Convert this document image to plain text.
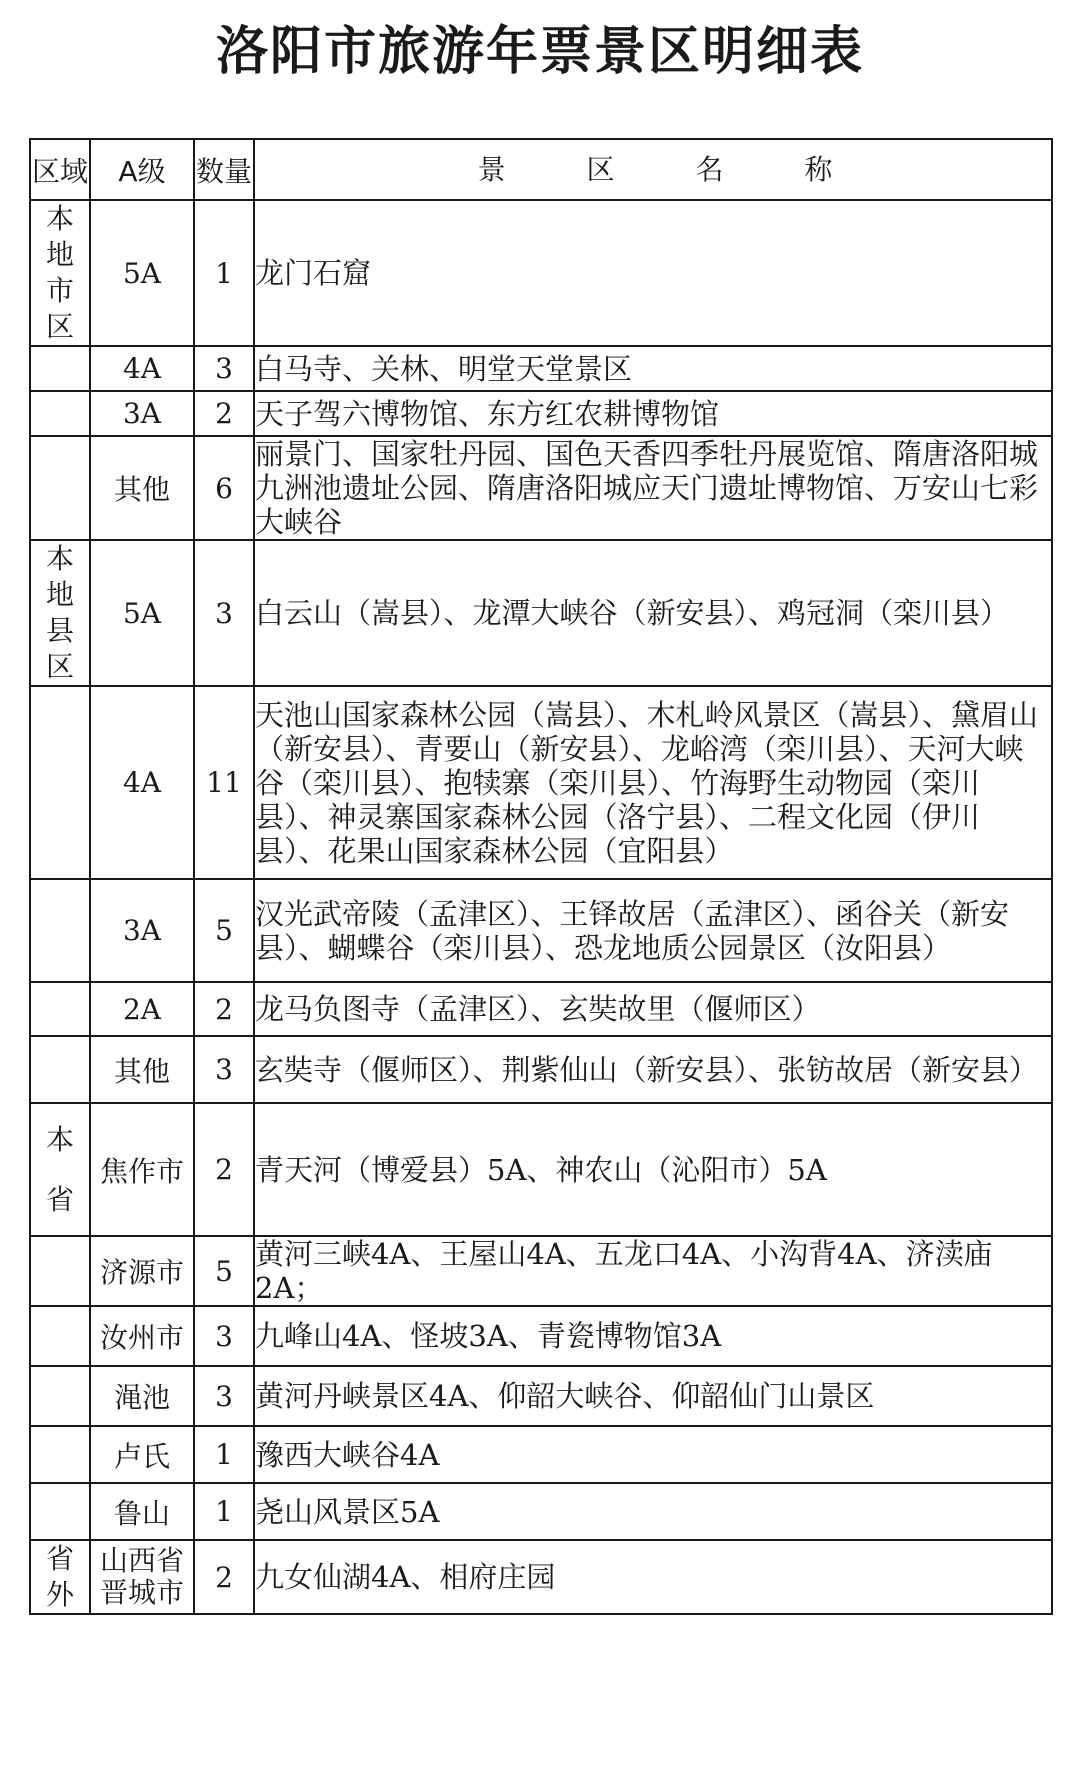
洛阳市旅游年票景区明细表
区域	A级	数量	景 区 名 称
本地市区	5A	1	龙门石窟
	4A	3	白马寺、关林、明堂天堂景区
	3A	2	天子驾六博物馆、东方红农耕博物馆
	其他	6	丽景门、国家牡丹园、国色天香四季牡丹展览馆、隋唐洛阳城九洲池遗址公园、隋唐洛阳城应天门遗址博物馆、万安山七彩大峡谷
本地县区	5A	3	白云山（嵩县）、龙潭大峡谷（新安县）、鸡冠洞（栾川县）
	4A	11	天池山国家森林公园（嵩县）、木札岭风景区（嵩县）、黛眉山（新安县）、青要山（新安县）、龙峪湾（栾川县）、天河大峡谷（栾川县）、抱犊寨（栾川县）、竹海野生动物园（栾川县）、神灵寨国家森林公园（洛宁县）、二程文化园（伊川县）、花果山国家森林公园（宜阳县）
	3A	5	汉光武帝陵（孟津区）、王铎故居（孟津区）、函谷关（新安县）、蝴蝶谷（栾川县）、恐龙地质公园景区（汝阳县）
	2A	2	龙马负图寺（孟津区）、玄奘故里（偃师区）
	其他	3	玄奘寺（偃师区）、荆紫仙山（新安县）、张钫故居（新安县）
本省	焦作市	2	青天河（博爱县）5A、神农山（沁阳市）5A
	济源市	5	黄河三峡4A、王屋山4A、五龙口4A、小沟背4A、济渎庙2A；
	汝州市	3	九峰山4A、怪坡3A、青瓷博物馆3A
	渑池	3	黄河丹峡景区4A、仰韶大峡谷、仰韶仙门山景区
	卢氏	1	豫西大峡谷4A
	鲁山	1	尧山风景区5A
省外	山西省晋城市	2	九女仙湖4A、相府庄园
